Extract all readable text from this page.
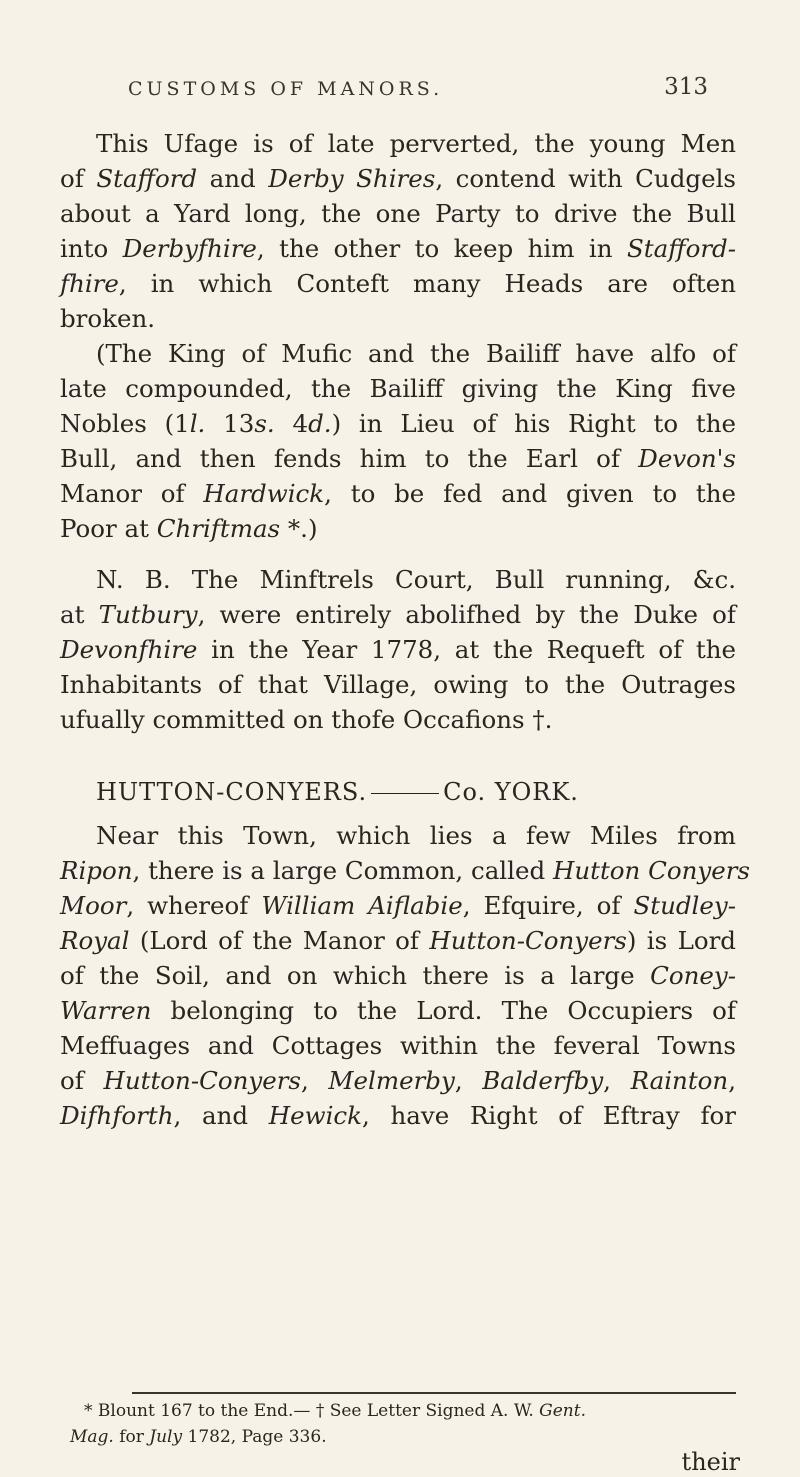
CUSTOMS OF MANORS.	313
This Ufage is of late perverted, the young Men
of Stafford and Derby Shires, contend with Cudgels
about a Yard long, the one Party to drive the Bull
into Derbyfhire, the other to keep him in Stafford-
fhire, in which Conteft many Heads are often
broken.
(The King of Mufic and the Bailiff have alfo of
late compounded, the Bailiff giving the King five
Nobles (1l. 13s. 4d.) in Lieu of his Right to the
Bull, and then fends him to the Earl of Devon's
Manor of Hardwick, to be fed and given to the
Poor at Chriftmas *.)
N. B. The Minftrels Court, Bull running, &c.
at Tutbury, were entirely abolifhed by the Duke of
Devonfhire in the Year 1778, at the Requeft of the
Inhabitants of that Village, owing to the Outrages
ufually committed on thofe Occafions †.
HUTTON-CONYERS.	Co. YORK.
Near this Town, which lies a few Miles from
Ripon, there is a large Common, called Hutton Conyers
Moor, whereof William Aiflabie, Efquire, of Studley-
Royal (Lord of the Manor of Hutton-Conyers) is Lord
of the Soil, and on which there is a large Coney-
Warren belonging to the Lord. The Occupiers of
Meffuages and Cottages within the feveral Towns
of Hutton-Conyers, Melmerby, Balderfby, Rainton,
Difhforth, and Hewick, have Right of Eftray for
* Blount 167 to the End.— † See Letter Signed A. W. Gent.
Mag. for July 1782, Page 336.
their
